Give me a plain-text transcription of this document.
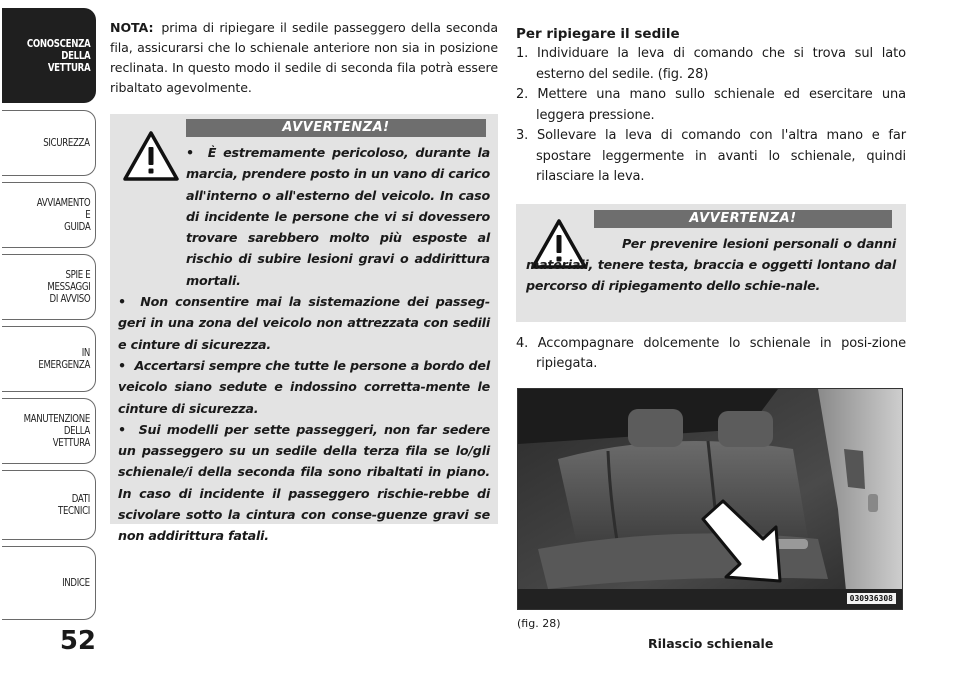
CONOSCENZA
DELLA
VETTURA
SICUREZZA
AVVIAMENTO
E
GUIDA
SPIE E
MESSAGGI
DI AVVISO
IN
EMERGENZA
MANUTENZIONE
DELLA
VETTURA
DATI
TECNICI
INDICE
52

NOTA: prima di ripiegare il sedile passeggero della seconda fila, assicurarsi che lo schienale anteriore non sia in posizione reclinata. In questo modo il sedile di seconda fila potrà essere ribaltato agevolmente.

AVVERTENZA!

•  È estremamente pericoloso, durante la marcia, prendere posto in un vano di carico all'interno o all'esterno del veicolo. In caso di incidente le persone che vi si dovessero trovare sarebbero molto più esposte al rischio di subire lesioni gravi o addirittura mortali.

•  Non consentire mai la sistemazione dei passeg-geri in una zona del veicolo non attrezzata con sedili e cinture di sicurezza.

•  Accertarsi sempre che tutte le persone a bordo del veicolo siano sedute e indossino corretta-mente le cinture di sicurezza.

•  Sui modelli per sette passeggeri, non far sedere un passeggero su un sedile della terza fila se lo/gli schienale/i della seconda fila sono ribaltati in piano. In caso di incidente il passeggero rischie-rebbe di scivolare sotto la cintura con conse-guenze gravi se non addirittura fatali.

Per ripiegare il sedile

1. Individuare la leva di comando che si trova sul lato esterno del sedile. (fig. 28)

2. Mettere una mano sullo schienale ed esercitare una leggera pressione.

3. Sollevare la leva di comando con l'altra mano e far spostare leggermente in avanti lo schienale, quindi rilasciare la leva.

AVVERTENZA!

Per prevenire lesioni personali o danni materiali, tenere testa, braccia e oggetti lontano dal percorso di ripiegamento dello schie-nale.

4. Accompagnare dolcemente lo schienale in posi-zione ripiegata.

030936308
(fig. 28)
Rilascio schienale
